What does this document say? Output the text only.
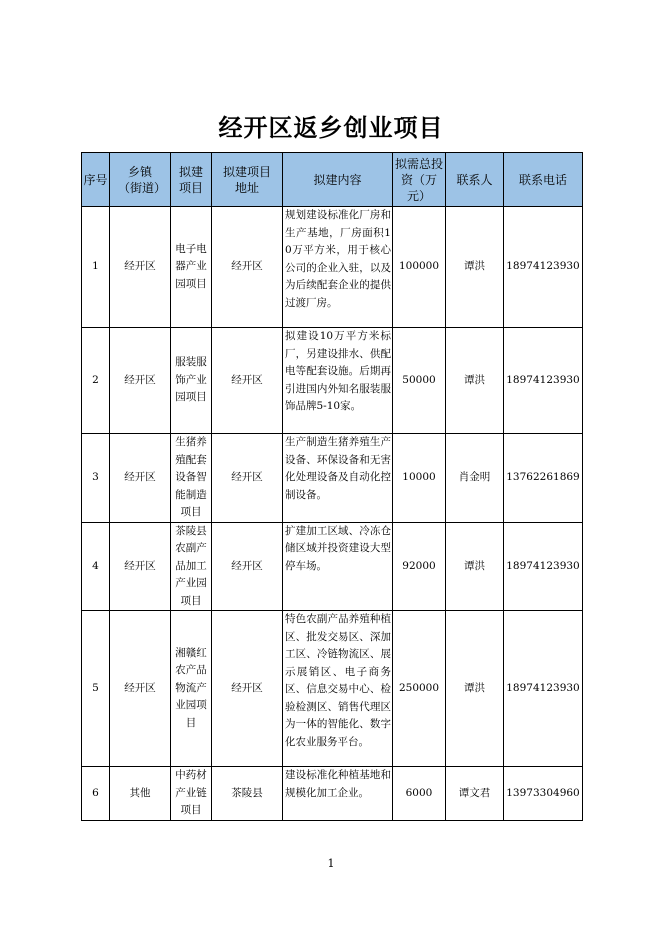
经开区返乡创业项目
序号	乡镇（街道）	拟建项目	拟建项目地址	拟建内容	拟需总投资（万元）	联系人	联系电话
1	经开区	电子电器产业园项目	经开区	规划建设标准化厂房和生产基地，厂房面积10万平方米，用于核心公司的企业入驻，以及为后续配套企业的提供过渡厂房。	100000	谭洪	18974123930
2	经开区	服装服饰产业园项目	经开区	拟建设10万平方米标厂，另建设排水、供配电等配套设施。后期再引进国内外知名服装服饰品牌5-10家。	50000	谭洪	18974123930
3	经开区	生猪养殖配套设备智能制造项目	经开区	生产制造生猪养殖生产设备、环保设备和无害化处理设备及自动化控制设备。	10000	肖金明	13762261869
4	经开区	茶陵县农副产品加工产业园项目	经开区	扩建加工区域、冷冻仓储区域并投资建设大型停车场。	92000	谭洪	18974123930
5	经开区	湘赣红农产品物流产业园项目	经开区	特色农副产品养殖种植区、批发交易区、深加工区、冷链物流区、展示展销区、电子商务区、信息交易中心、检验检测区、销售代理区为一体的智能化、数字化农业服务平台。	250000	谭洪	18974123930
6	其他	中药材产业链项目	茶陵县	建设标准化种植基地和规模化加工企业。	6000	谭文君	13973304960
1
